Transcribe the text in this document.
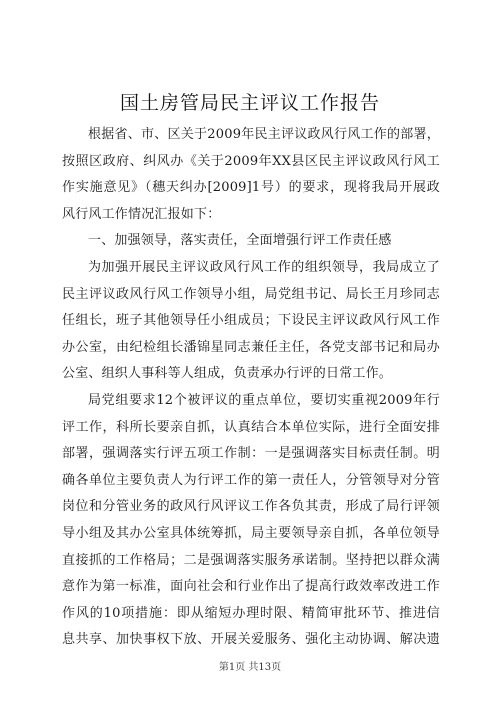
国土房管局民主评议工作报告
根据省、市、区关于2009年民主评议政风行风工作的部署，
按照区政府、纠风办《关于2009年XX县区民主评议政风行风工
作实施意见》（穗天纠办[2009]1号）的要求，现将我局开展政
风行风工作情况汇报如下：
一、加强领导，落实责任，全面增强行评工作责任感
为加强开展民主评议政风行风工作的组织领导，我局成立了
民主评议政风行风工作领导小组，局党组书记、局长王月珍同志
任组长，班子其他领导任小组成员；下设民主评议政风行风工作
办公室，由纪检组长潘锦星同志兼任主任，各党支部书记和局办
公室、组织人事科等人组成，负责承办行评的日常工作。
局党组要求12个被评议的重点单位，要切实重视2009年行
评工作，科所长要亲自抓，认真结合本单位实际，进行全面安排
部署，强调落实行评五项工作制：一是强调落实目标责任制。明
确各单位主要负责人为行评工作的第一责任人，分管领导对分管
岗位和分管业务的政风行风评议工作各负其责，形成了局行评领
导小组及其办公室具体统筹抓，局主要领导亲自抓，各单位领导
直接抓的工作格局；二是强调落实服务承诺制。坚持把以群众满
意作为第一标准，面向社会和行业作出了提高行政效率改进工作
作风的10项措施：即从缩短办理时限、精简审批环节、推进信
息共享、加快事权下放、开展关爱服务、强化主动协调、解决遗
第1页 共13页
